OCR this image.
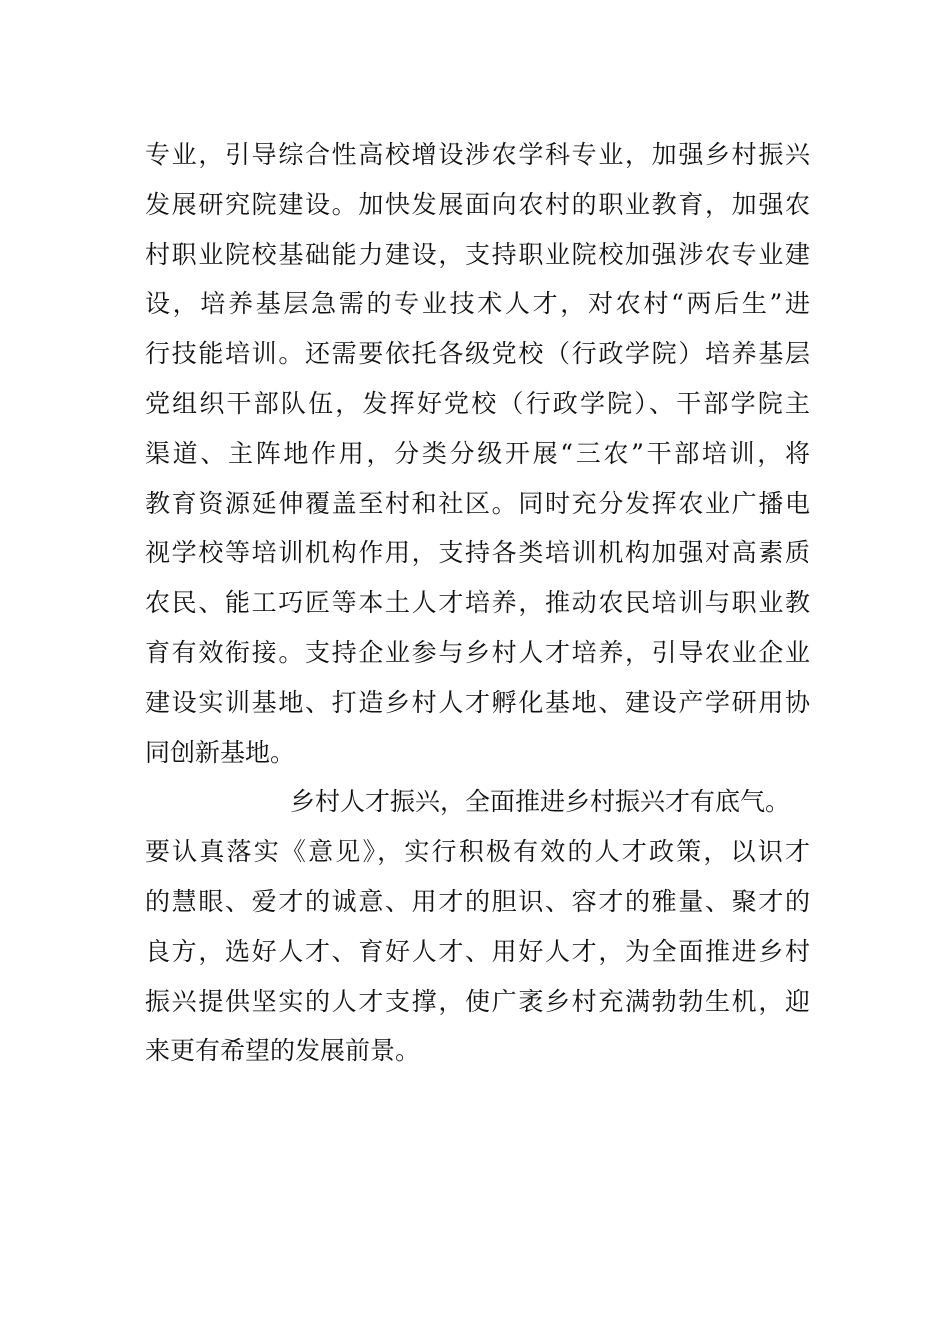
专业，引导综合性高校增设涉农学科专业，加强乡村振兴
发展研究院建设。加快发展面向农村的职业教育，加强农
村职业院校基础能力建设，支持职业院校加强涉农专业建
设，培养基层急需的专业技术人才，对农村“两后生”进
行技能培训。还需要依托各级党校（行政学院）培养基层
党组织干部队伍，发挥好党校（行政学院）、干部学院主
渠道、主阵地作用，分类分级开展“三农”干部培训，将
教育资源延伸覆盖至村和社区。同时充分发挥农业广播电
视学校等培训机构作用，支持各类培训机构加强对高素质
农民、能工巧匠等本土人才培养，推动农民培训与职业教
育有效衔接。支持企业参与乡村人才培养，引导农业企业
建设实训基地、打造乡村人才孵化基地、建设产学研用协
同创新基地。
乡村人才振兴，全面推进乡村振兴才有底气。
要认真落实《意见》，实行积极有效的人才政策，以识才
的慧眼、爱才的诚意、用才的胆识、容才的雅量、聚才的
良方，选好人才、育好人才、用好人才，为全面推进乡村
振兴提供坚实的人才支撑，使广袤乡村充满勃勃生机，迎
来更有希望的发展前景。
